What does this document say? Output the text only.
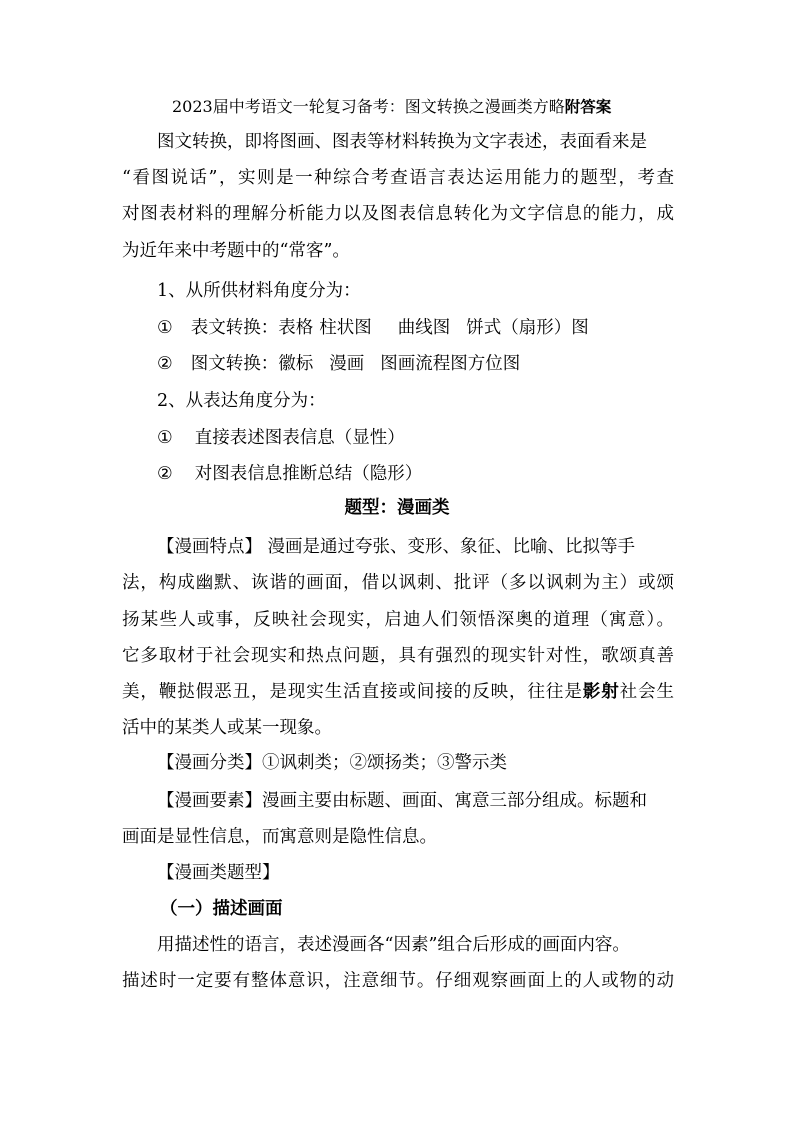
2023届中考语文一轮复习备考：图文转换之漫画类方略附答案
图文转换，即将图画、图表等材料转换为文字表述，表面看来是
“看图说话”，实则是一种综合考查语言表达运用能力的题型，考查
对图表材料的理解分析能力以及图表信息转化为文字信息的能力，成
为近年来中考题中的“常客”。
1、从所供材料角度分为：
① 表文转换：表格 柱状图 曲线图 饼式（扇形）图
② 图文转换：徽标 漫画 图画流程图方位图
2、从表达角度分为：
① 直接表述图表信息（显性）
② 对图表信息推断总结（隐形）
题型：漫画类
【漫画特点】 漫画是通过夸张、变形、象征、比喻、比拟等手
法，构成幽默、诙谐的画面，借以讽刺、批评（多以讽刺为主）或颂
扬某些人或事，反映社会现实，启迪人们领悟深奥的道理（寓意）。
它多取材于社会现实和热点问题，具有强烈的现实针对性，歌颂真善
美，鞭挞假恶丑，是现实生活直接或间接的反映，往往是影射社会生
活中的某类人或某一现象。
【漫画分类】①讽刺类；②颂扬类；③警示类
【漫画要素】漫画主要由标题、画面、寓意三部分组成。标题和
画面是显性信息，而寓意则是隐性信息。
【漫画类题型】
（一）描述画面
用描述性的语言，表述漫画各“因素”组合后形成的画面内容。
描述时一定要有整体意识，注意细节。仔细观察画面上的人或物的动
